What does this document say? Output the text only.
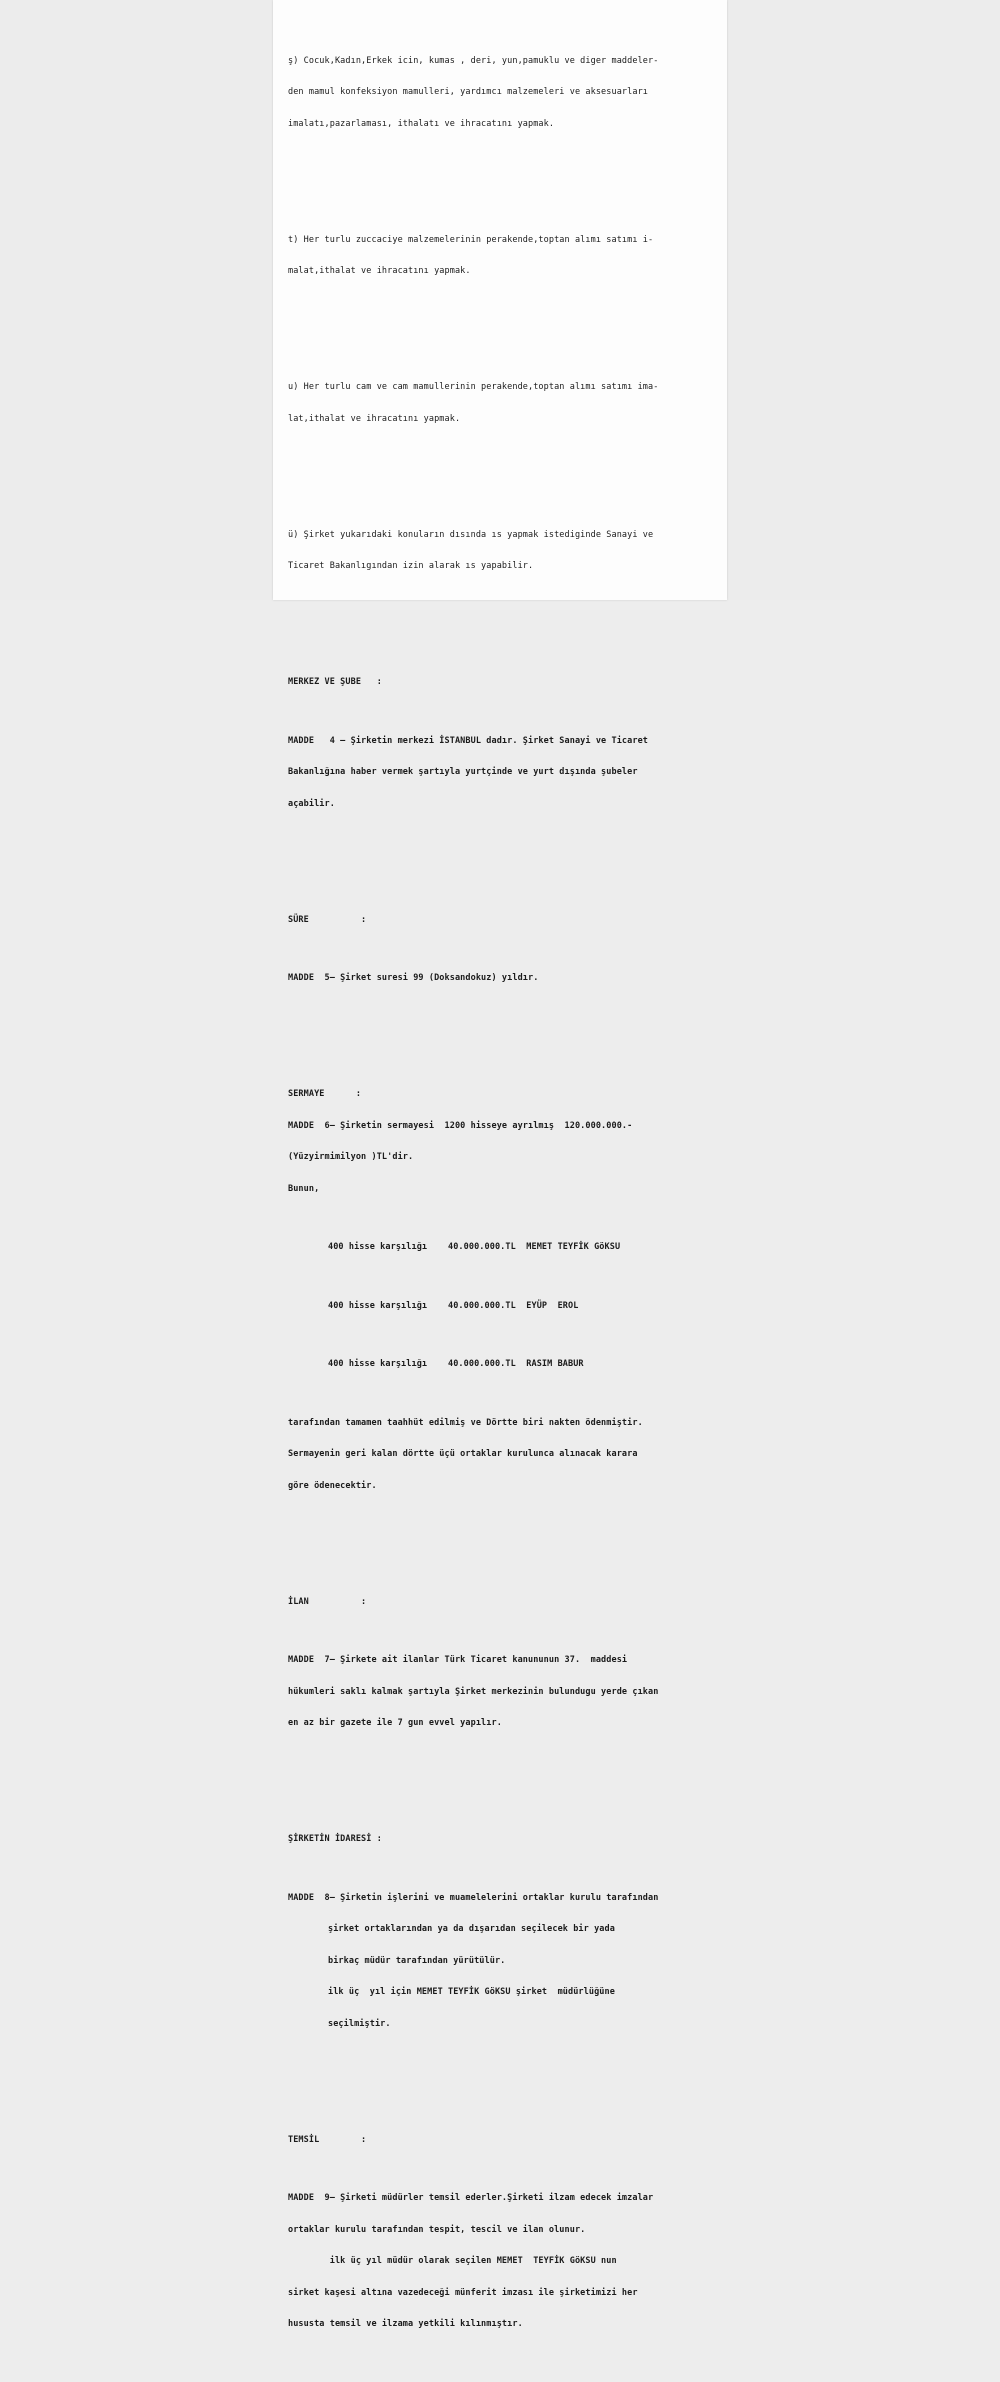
ş) Cocuk,Kadın,Erkek icin, kumas , deri, yun,pamuklu ve diger maddeler-

den mamul konfeksiyon mamulleri, yardımcı malzemeleri ve aksesuarları

imalatı,pazarlaması, ithalatı ve ihracatını yapmak.

t) Her turlu zuccaciye malzemelerinin perakende,toptan alımı satımı i-

malat,ithalat ve ihracatını yapmak.

u) Her turlu cam ve cam mamullerinin perakende,toptan alımı satımı ima-

lat,ithalat ve ihracatını yapmak.

ü) Şirket yukarıdaki konuların dısında ıs yapmak istediginde Sanayi ve

Ticaret Bakanlıgından izin alarak ıs yapabilir.

MERKEZ VE ŞUBE   :

MADDE   4 – Şirketin merkezi İSTANBUL dadır. Şirket Sanayi ve Ticaret

Bakanlığına haber vermek şartıyla yurtçinde ve yurt dışında şubeler

açabilir.

SÜRE          :

MADDE  5– Şirket suresi 99 (Doksandokuz) yıldır.

SERMAYE      :

MADDE  6– Şirketin sermayesi  1200 hisseye ayrılmış  120.000.000.-

(Yüzyirmimilyon )TL'dir.

Bunun,

400 hisse karşılığı    40.000.000.TL  MEMET TEYFİK GöKSU

400 hisse karşılığı    40.000.000.TL  EYÜP  EROL

400 hisse karşılığı    40.000.000.TL  RASIM BABUR

tarafından tamamen taahhüt edilmiş ve Dörtte biri nakten ödenmiştir.

Sermayenin geri kalan dörtte üçü ortaklar kurulunca alınacak karara

göre ödenecektir.

İLAN          :

MADDE  7– Şirkete ait ilanlar Türk Ticaret kanununun 37.  maddesi

hükumleri saklı kalmak şartıyla Şirket merkezinin bulundugu yerde çıkan

en az bir gazete ile 7 gun evvel yapılır.

ŞİRKETİN İDARESİ :

MADDE  8– Şirketin işlerini ve muamelelerini ortaklar kurulu tarafından

şirket ortaklarından ya da dışarıdan seçilecek bir yada

birkaç müdür tarafından yürütülür.

ilk üç  yıl için MEMET TEYFİK GöKSU şirket  müdürlüğüne

seçilmiştir.

TEMSİL        :

MADDE  9– Şirketi müdürler temsil ederler.Şirketi ilzam edecek imzalar

ortaklar kurulu tarafından tespit, tescil ve ilan olunur.

ilk üç yıl müdür olarak seçilen MEMET  TEYFİK GöKSU nun

sirket kaşesi altına vazedeceği münferit imzası ile şirketimizi her

hususta temsil ve ilzama yetkili kılınmıştır.
